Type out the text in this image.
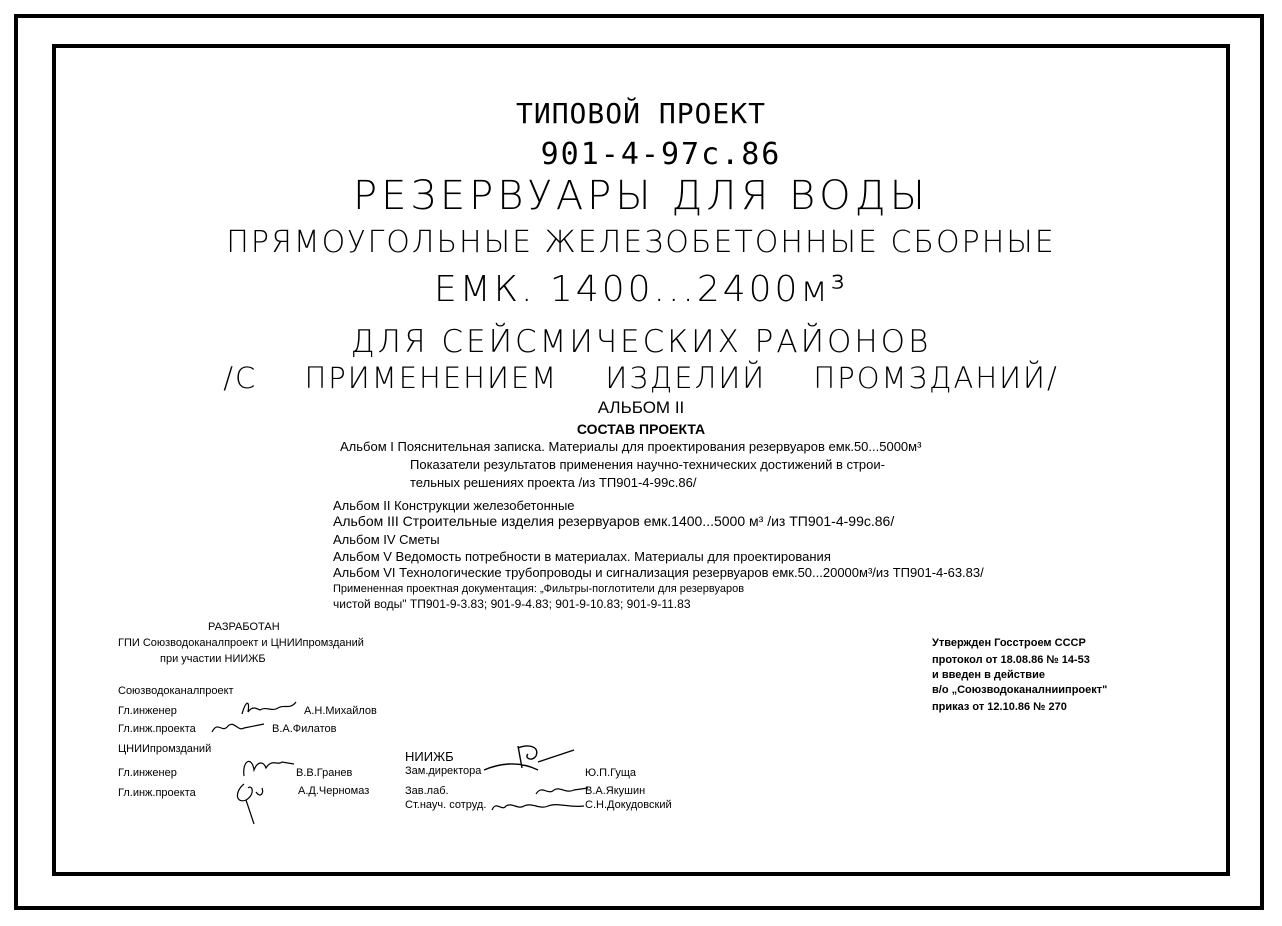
ТИПОВОЙ ПРОЕКТ
901-4-97с.86
РЕЗЕРВУАРЫ ДЛЯ ВОДЫ
ПРЯМОУГОЛЬНЫЕ ЖЕЛЕЗОБЕТОННЫЕ СБОРНЫЕ
ЕМК. 1400...2400м³
ДЛЯ СЕЙСМИЧЕСКИХ РАЙОНОВ
/С ПРИМЕНЕНИЕМ ИЗДЕЛИЙ ПРОМЗДАНИЙ/
АЛЬБОМ II
СОСТАВ ПРОЕКТА
Альбом I Пояснительная записка. Материалы для проектирования резервуаров емк.50...5000м³
Показатели результатов применения научно-технических достижений в строи-
тельных решениях проекта /из ТП901-4-99с.86/
Альбом II Конструкции железобетонные
Альбом III Строительные изделия резервуаров емк.1400...5000 м³ /из ТП901-4-99с.86/
Альбом IV Сметы
Альбом V Ведомость потребности в материалах. Материалы для проектирования
Альбом VI Технологические трубопроводы и сигнализация резервуаров емк.50...20000м³/из ТП901-4-63.83/
Примененная проектная документация: „Фильтры-поглотители для резервуаров
чистой воды" ТП901-9-3.83; 901-9-4.83; 901-9-10.83; 901-9-11.83
РАЗРАБОТАН
ГПИ Союзводоканалпроект и ЦНИИпромзданий
при участии НИИЖБ
Утвержден Госстроем СССР
протокол от 18.08.86 № 14-53
и введен в действие
в/о „Союзводоканалниипроект"
приказ от 12.10.86 № 270
Союзводоканалпроект
Гл.инженер	А.Н.Михайлов
Гл.инж.проекта	В.А.Филатов
ЦНИИпромзданий
Гл.инженер	В.В.Гранев
Гл.инж.проекта	А.Д.Черномаз
НИИЖБ
Зам.директора	Ю.П.Гуща
Зав.лаб.	В.А.Якушин
Ст.науч. сотруд.	С.Н.Докудовский
